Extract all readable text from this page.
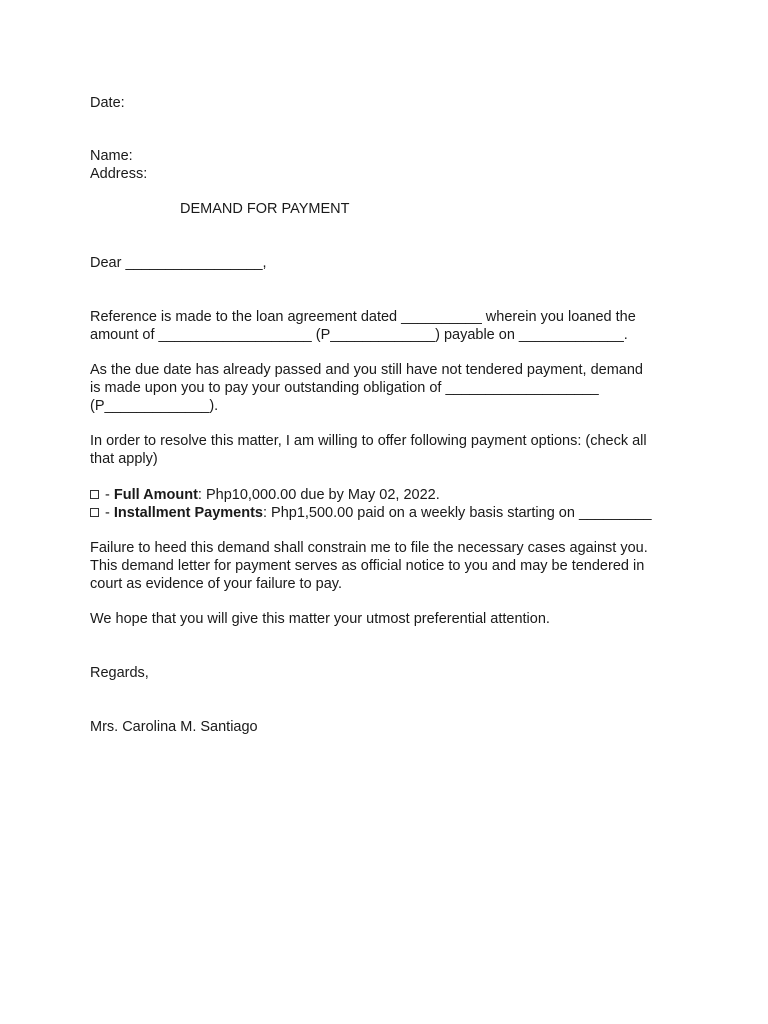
Date:

Name:

Address:

DEMAND FOR PAYMENT

Dear _________________,

Reference is made to the loan agreement dated __________ wherein you loaned the

amount of ___________________ (P_____________) payable on _____________.

As the due date has already passed and you still have not tendered payment, demand

is made upon you to pay your outstanding obligation of ___________________

(P_____________).

In order to resolve this matter, I am willing to offer following payment options: (check all

that apply)

- Full Amount: Php10,000.00 due by May 02, 2022.

- Installment Payments: Php1,500.00 paid on a weekly basis starting on _________

Failure to heed this demand shall constrain me to file the necessary cases against you.

This demand letter for payment serves as official notice to you and may be tendered in

court as evidence of your failure to pay.

We hope that you will give this matter your utmost preferential attention.

Regards,

Mrs. Carolina M. Santiago
